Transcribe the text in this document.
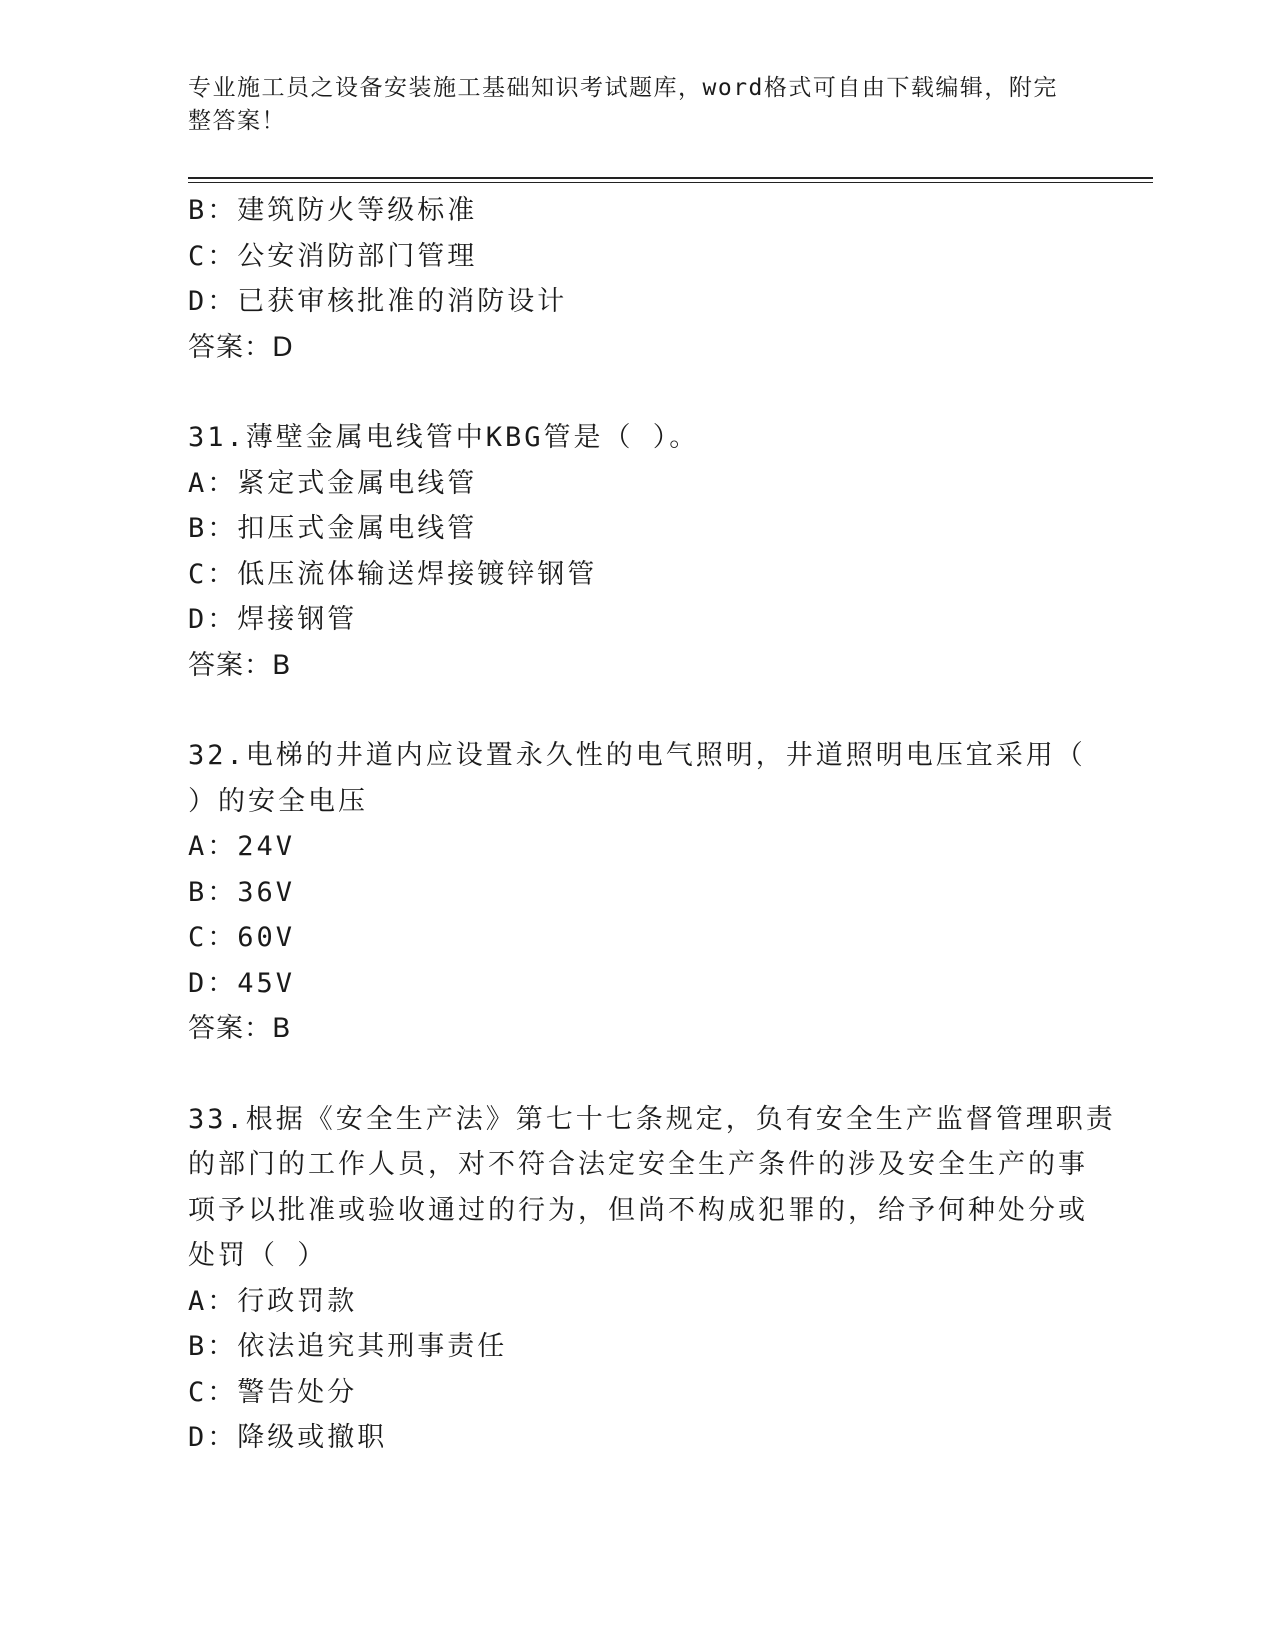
专业施工员之设备安装施工基础知识考试题库，word格式可自由下载编辑，附完
整答案！
B：建筑防火等级标准
C：公安消防部门管理
D：已获审核批准的消防设计
答案：D
31.薄壁金属电线管中KBG管是（ ）。
A：紧定式金属电线管
B：扣压式金属电线管
C：低压流体输送焊接镀锌钢管
D：焊接钢管
答案：B
32.电梯的井道内应设置永久性的电气照明，井道照明电压宜采用（
）的安全电压
A：24V
B：36V
C：60V
D：45V
答案：B
33.根据《安全生产法》第七十七条规定，负有安全生产监督管理职责
的部门的工作人员，对不符合法定安全生产条件的涉及安全生产的事
项予以批准或验收通过的行为，但尚不构成犯罪的，给予何种处分或
处罚（ ）
A：行政罚款
B：依法追究其刑事责任
C：警告处分
D：降级或撤职
